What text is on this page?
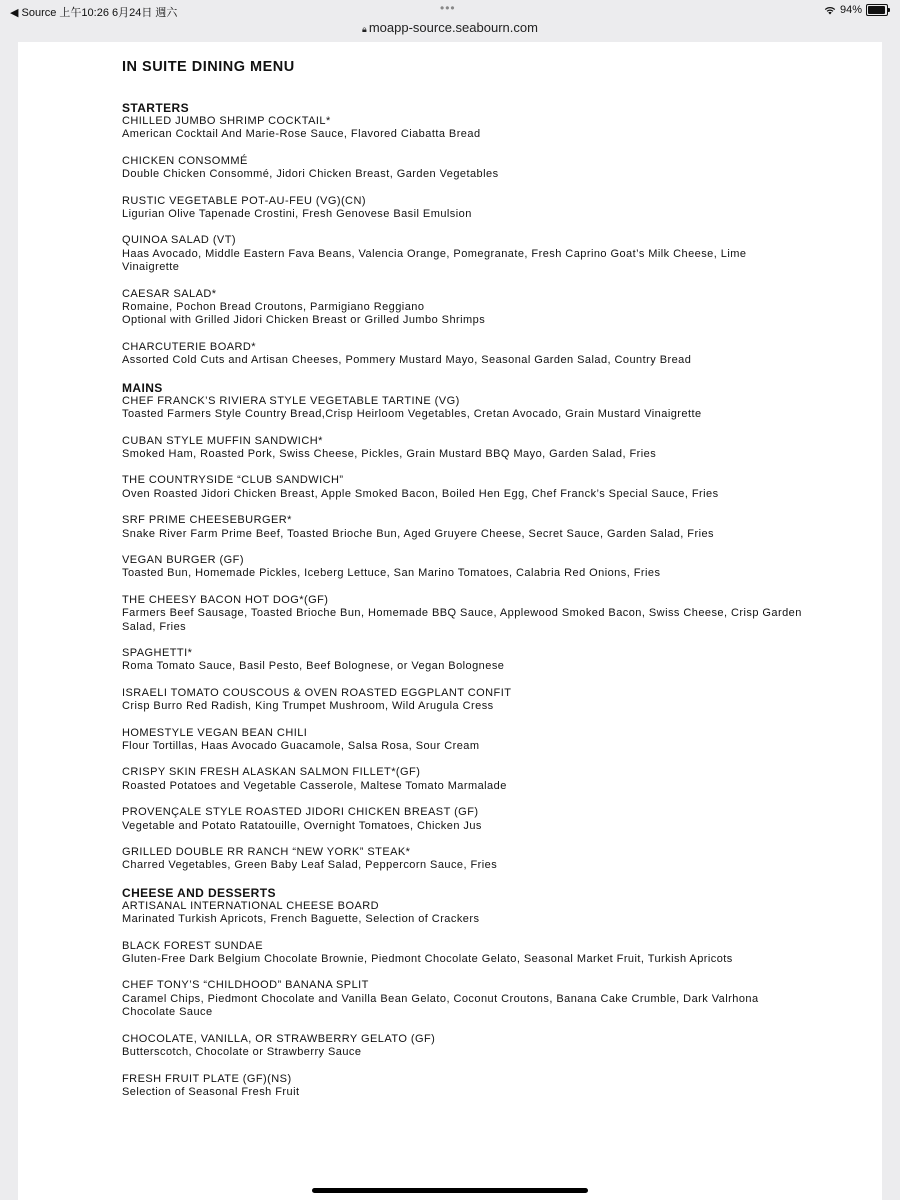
◀ Source 上午10:26 6月24日 週六	•••	94%
🔒︎ moapp-source.seabourn.com
IN SUITE DINING MENU
STARTERS
CHILLED JUMBO SHRIMP COCKTAIL*
American Cocktail And Marie-Rose Sauce, Flavored Ciabatta Bread
CHICKEN CONSOMMÉ
Double Chicken Consommé, Jidori Chicken Breast, Garden Vegetables
RUSTIC VEGETABLE POT-AU-FEU (VG)(CN)
Ligurian Olive Tapenade Crostini, Fresh Genovese Basil Emulsion
QUINOA SALAD (VT)
Haas Avocado, Middle Eastern Fava Beans, Valencia Orange, Pomegranate, Fresh Caprino Goat’s Milk Cheese, Lime Vinaigrette
CAESAR SALAD*
Romaine, Pochon Bread Croutons, Parmigiano Reggiano
Optional with Grilled Jidori Chicken Breast or Grilled Jumbo Shrimps
CHARCUTERIE BOARD*
Assorted Cold Cuts and Artisan Cheeses, Pommery Mustard Mayo, Seasonal Garden Salad, Country Bread
MAINS
CHEF FRANCK’S RIVIERA STYLE VEGETABLE TARTINE (VG)
Toasted Farmers Style Country Bread,Crisp Heirloom Vegetables, Cretan Avocado, Grain Mustard Vinaigrette
CUBAN STYLE MUFFIN SANDWICH*
Smoked Ham, Roasted Pork, Swiss Cheese, Pickles, Grain Mustard BBQ Mayo, Garden Salad, Fries
THE COUNTRYSIDE “CLUB SANDWICH”
Oven Roasted Jidori Chicken Breast, Apple Smoked Bacon, Boiled Hen Egg, Chef Franck’s Special Sauce, Fries
SRF PRIME CHEESEBURGER*
Snake River Farm Prime Beef, Toasted Brioche Bun, Aged Gruyere Cheese, Secret Sauce, Garden Salad, Fries
VEGAN BURGER (GF)
Toasted Bun, Homemade Pickles, Iceberg Lettuce, San Marino Tomatoes, Calabria Red Onions, Fries
THE CHEESY BACON HOT DOG*(GF)
Farmers Beef Sausage, Toasted Brioche Bun, Homemade BBQ Sauce, Applewood Smoked Bacon, Swiss Cheese, Crisp Garden Salad, Fries
SPAGHETTI*
Roma Tomato Sauce, Basil Pesto, Beef Bolognese, or Vegan Bolognese
ISRAELI TOMATO COUSCOUS & OVEN ROASTED EGGPLANT CONFIT
Crisp Burro Red Radish, King Trumpet Mushroom, Wild Arugula Cress
HOMESTYLE VEGAN BEAN CHILI
Flour Tortillas, Haas Avocado Guacamole, Salsa Rosa, Sour Cream
CRISPY SKIN FRESH ALASKAN SALMON FILLET*(GF)
Roasted Potatoes and Vegetable Casserole, Maltese Tomato Marmalade
PROVENÇALE STYLE ROASTED JIDORI CHICKEN BREAST (GF)
Vegetable and Potato Ratatouille, Overnight Tomatoes, Chicken Jus
GRILLED DOUBLE RR RANCH “NEW YORK” STEAK*
Charred Vegetables, Green Baby Leaf Salad, Peppercorn Sauce, Fries
CHEESE AND DESSERTS
ARTISANAL INTERNATIONAL CHEESE BOARD
Marinated Turkish Apricots, French Baguette, Selection of Crackers
BLACK FOREST SUNDAE
Gluten-Free Dark Belgium Chocolate Brownie, Piedmont Chocolate Gelato, Seasonal Market Fruit, Turkish Apricots
CHEF TONY’S “CHILDHOOD” BANANA SPLIT
Caramel Chips, Piedmont Chocolate and Vanilla Bean Gelato, Coconut Croutons, Banana Cake Crumble, Dark Valrhona Chocolate Sauce
CHOCOLATE, VANILLA, OR STRAWBERRY GELATO (GF)
Butterscotch, Chocolate or Strawberry Sauce
FRESH FRUIT PLATE (GF)(NS)
Selection of Seasonal Fresh Fruit
